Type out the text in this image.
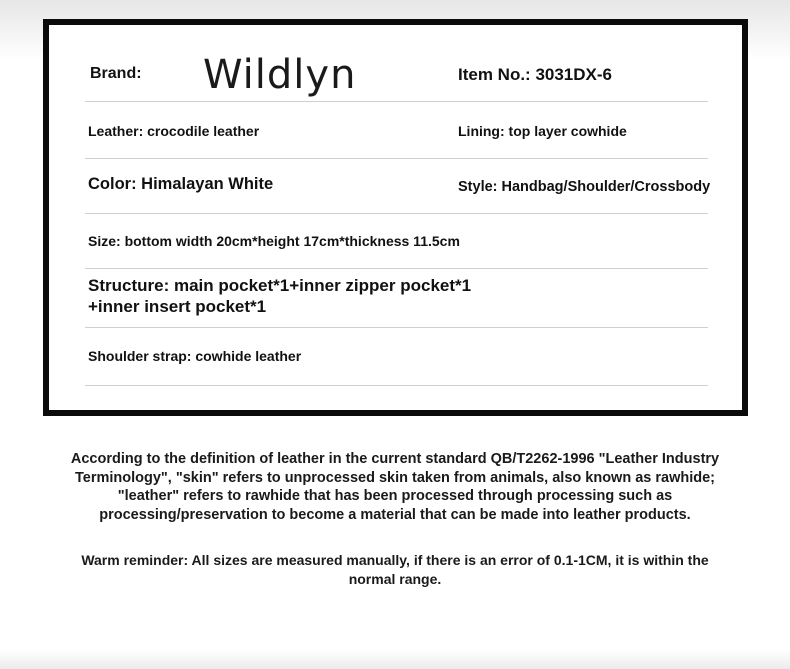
Brand: Wildlyn	Item No.: 3031DX-6
Leather: crocodile leather	Lining: top layer cowhide
Color: Himalayan White	Style: Handbag/Shoulder/Crossbody
Size: bottom width 20cm*height 17cm*thickness 11.5cm
Structure: main pocket*1+inner zipper pocket*1
+inner insert pocket*1
Shoulder strap: cowhide leather
According to the definition of leather in the current standard QB/T2262-1996 "Leather Industry Terminology", "skin" refers to unprocessed skin taken from animals, also known as rawhide; "leather" refers to rawhide that has been processed through processing such as processing/preservation to become a material that can be made into leather products.
Warm reminder: All sizes are measured manually, if there is an error of 0.1-1CM, it is within the normal range.
